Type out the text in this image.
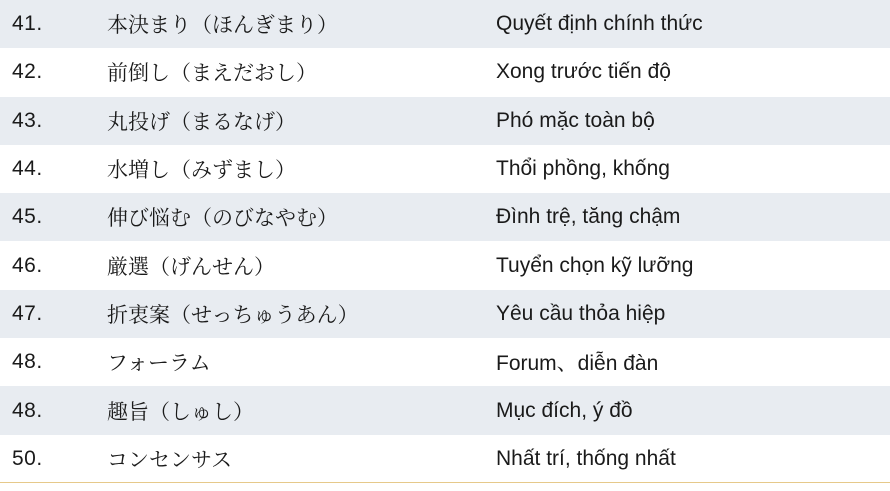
41.	本決まり（ほんぎまり）	Quyết định chính thức
42.	前倒し（まえだおし）	Xong trước tiến độ
43.	丸投げ（まるなげ）	Phó mặc toàn bộ
44.	水増し（みずまし）	Thổi phồng, khống
45.	伸び悩む（のびなやむ）	Đình trệ, tăng chậm
46.	厳選（げんせん）	Tuyển chọn kỹ lưỡng
47.	折衷案（せっちゅうあん）	Yêu cầu thỏa hiệp
48.	フォーラム	Forum、diễn đàn
48.	趣旨（しゅし）	Mục đích, ý đồ
50.	コンセンサス	Nhất trí, thống nhất
